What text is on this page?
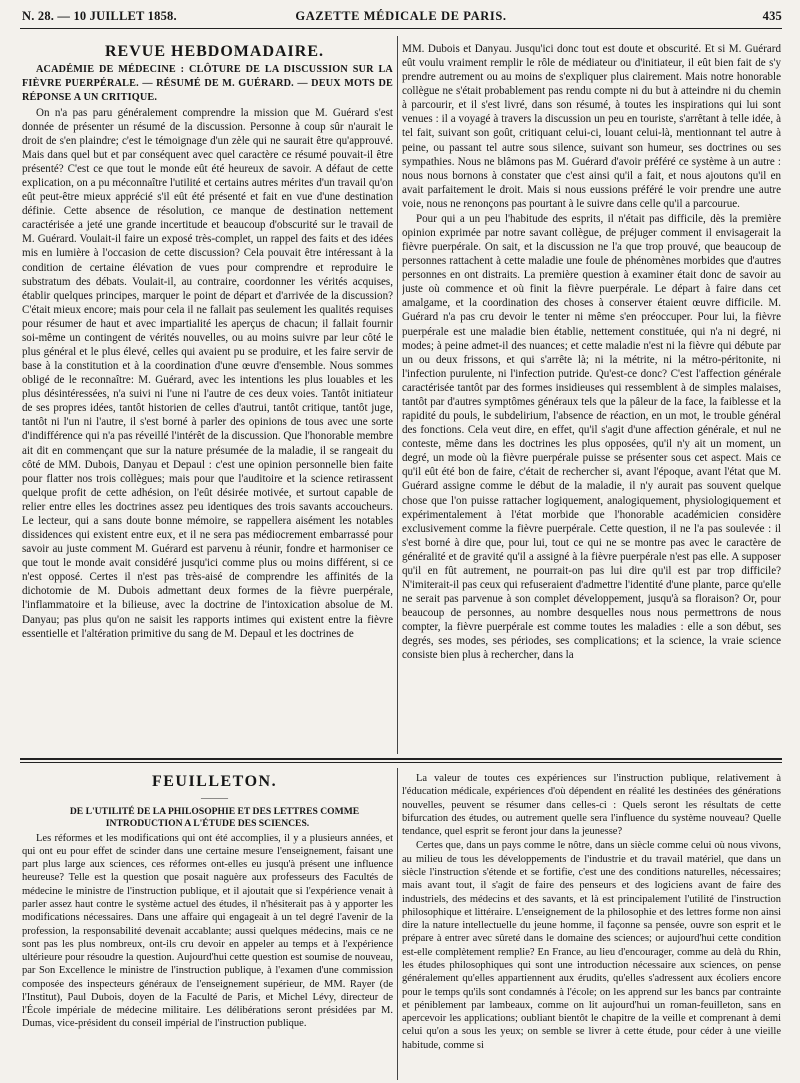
N. 28. — 10 JUILLET 1858.	GAZETTE MÉDICALE DE PARIS.	435

REVUE HEBDOMADAIRE.

ACADÉMIE DE MÉDECINE : CLÔTURE DE LA DISCUSSION SUR LA FIÈVRE PUERPÉRALE. — RÉSUMÉ DE M. GUÉRARD. — DEUX MOTS DE RÉPONSE A UN CRITIQUE.

On n'a pas paru généralement comprendre la mission que M. Guérard s'est donnée de présenter un résumé de la discussion. Personne à coup sûr n'aurait le droit de s'en plaindre; c'est le témoignage d'un zèle qui ne saurait être qu'approuvé. Mais dans quel but et par conséquent avec quel caractère ce résumé pouvait-il être présenté? C'est ce que tout le monde eût été heureux de savoir. A défaut de cette explication, on a pu méconnaître l'utilité et certains autres mérites d'un travail qu'on eût peut-être mieux apprécié s'il eût été présenté et fait en vue d'une destination définie. Cette absence de résolution, ce manque de destination nettement caractérisée a jeté une grande incertitude et beaucoup d'obscurité sur le travail de M. Guérard. Voulait-il faire un exposé très-complet, un rappel des faits et des idées mis en lumière à l'occasion de cette discussion? Cela pouvait être intéressant à la condition de certaine élévation de vues pour comprendre et reproduire le substratum des débats. Voulait-il, au contraire, coordonner les vérités acquises, établir quelques principes, marquer le point de départ et d'arrivée de la discussion? C'était mieux encore; mais pour cela il ne fallait pas seulement les qualités requises pour résumer de haut et avec impartialité les aperçus de chacun; il fallait fournir soi-même un contingent de vérités nouvelles, ou au moins suivre par leur côté le plus général et le plus élevé, celles qui avaient pu se produire, et les faire servir de base à la constitution et à la coordination d'une œuvre d'ensemble. Nous sommes obligé de le reconnaître: M. Guérard, avec les intentions les plus louables et les plus désintéressées, n'a suivi ni l'une ni l'autre de ces deux voies. Tantôt initiateur de ses propres idées, tantôt historien de celles d'autrui, tantôt critique, tantôt juge, tantôt ni l'un ni l'autre, il s'est borné à parler des opinions de tous avec une sorte d'indifférence qui n'a pas réveillé l'intérêt de la discussion. Que l'honorable membre ait dit en commençant que sur la nature présumée de la maladie, il se rangeait du côté de MM. Dubois, Danyau et Depaul : c'est une opinion personnelle bien faite pour flatter nos trois collègues; mais pour que l'auditoire et la science retirassent quelque profit de cette adhésion, on l'eût désirée motivée, et surtout capable de relier entre elles les doctrines assez peu identiques des trois savants accoucheurs. Le lecteur, qui a sans doute bonne mémoire, se rappellera aisément les notables dissidences qui existent entre eux, et il ne sera pas médiocrement embarrassé pour savoir au juste comment M. Guérard est parvenu à réunir, fondre et harmoniser ce que tout le monde avait considéré jusqu'ici comme plus ou moins différent, si ce n'est opposé. Certes il n'est pas très-aisé de comprendre les affinités de la dichotomie de M. Dubois admettant deux formes de la fièvre puerpérale, l'inflammatoire et la bilieuse, avec la doctrine de l'intoxication absolue de M. Danyau; pas plus qu'on ne saisit les rapports intimes qui existent entre la fièvre essentielle et l'altération primitive du sang de M. Depaul et les doctrines de

MM. Dubois et Danyau. Jusqu'ici donc tout est doute et obscurité. Et si M. Guérard eût voulu vraiment remplir le rôle de médiateur ou d'initiateur, il eût bien fait de s'y prendre autrement ou au moins de s'expliquer plus clairement. Mais notre honorable collègue ne s'était probablement pas rendu compte ni du but à atteindre ni du chemin à parcourir, et il s'est livré, dans son résumé, à toutes les inspirations qui lui sont venues : il a voyagé à travers la discussion un peu en touriste, s'arrêtant à telle idée, à tel fait, suivant son goût, critiquant celui-ci, louant celui-là, mentionnant tel autre à peine, ou passant tel autre sous silence, suivant son humeur, ses doctrines ou ses sympathies. Nous ne blâmons pas M. Guérard d'avoir préféré ce système à un autre : nous nous bornons à constater que c'est ainsi qu'il a fait, et nous ajoutons qu'il en avait parfaitement le droit. Mais si nous eussions préféré le voir prendre une autre voie, nous ne renonçons pas pourtant à le suivre dans celle qu'il a parcourue.

Pour qui a un peu l'habitude des esprits, il n'était pas difficile, dès la première opinion exprimée par notre savant collègue, de préjuger comment il envisagerait la fièvre puerpérale. On sait, et la discussion ne l'a que trop prouvé, que beaucoup de personnes rattachent à cette maladie une foule de phénomènes morbides que d'autres personnes en ont distraits. La première question à examiner était donc de savoir au juste où commence et où finit la fièvre puerpérale. Le départ à faire dans cet amalgame, et la coordination des choses à conserver étaient œuvre difficile. M. Guérard n'a pas cru devoir le tenter ni même s'en préoccuper. Pour lui, la fièvre puerpérale est une maladie bien établie, nettement constituée, qui n'a ni degré, ni modes; à peine admet-il des nuances; et cette maladie n'est ni la fièvre qui débute par un ou deux frissons, et qui s'arrête là; ni la métrite, ni la métro-péritonite, ni l'infection purulente, ni l'infection putride. Qu'est-ce donc? C'est l'affection générale caractérisée tantôt par des formes insidieuses qui ressemblent à de simples malaises, tantôt par d'autres symptômes généraux tels que la pâleur de la face, la faiblesse et la rapidité du pouls, le subdelirium, l'absence de réaction, en un mot, le trouble général des fonctions. Cela veut dire, en effet, qu'il s'agit d'une affection générale, et nul ne conteste, même dans les doctrines les plus opposées, qu'il n'y ait un moment, un degré, un mode où la fièvre puerpérale puisse se présenter sous cet aspect. Mais ce qu'il eût été bon de faire, c'était de rechercher si, avant l'époque, avant l'état que M. Guérard assigne comme le début de la maladie, il n'y aurait pas souvent quelque chose que l'on puisse rattacher logiquement, analogiquement, physiologiquement et expérimentalement à l'état morbide que l'honorable académicien considère exclusivement comme la fièvre puerpérale. Cette question, il ne l'a pas soulevée : il s'est borné à dire que, pour lui, tout ce qui ne se montre pas avec le caractère de généralité et de gravité qu'il a assigné à la fièvre puerpérale n'est pas elle. A supposer qu'il en fût autrement, ne pourrait-on pas lui dire qu'il est par trop difficile? N'imiterait-il pas ceux qui refuseraient d'admettre l'identité d'une plante, parce qu'elle ne serait pas parvenue à son complet développement, jusqu'à sa floraison? Or, pour beaucoup de personnes, au nombre desquelles nous nous permettrons de nous compter, la fièvre puerpérale est comme toutes les maladies : elle a son début, ses degrés, ses modes, ses périodes, ses complications; et la science, la vraie science consiste bien plus à rechercher, dans la

FEUILLETON.

———

DE L'UTILITÉ DE LA PHILOSOPHIE ET DES LETTRES COMME INTRODUCTION A L'ÉTUDE DES SCIENCES.

Les réformes et les modifications qui ont été accomplies, il y a plusieurs années, et qui ont eu pour effet de scinder dans une certaine mesure l'enseignement, faisant une part plus large aux sciences, ces réformes ont-elles eu jusqu'à présent une influence heureuse? Telle est la question que posait naguère aux professeurs des Facultés de médecine le ministre de l'instruction publique, et il ajoutait que si l'expérience venait à parler assez haut contre le système actuel des études, il n'hésiterait pas à y apporter les modifications nécessaires. Dans une affaire qui engageait à un tel degré l'avenir de la profession, la responsabilité devenait accablante; aussi quelques médecins, mais ce ne sont pas les plus nombreux, ont-ils cru devoir en appeler au temps et à l'expérience ultérieure pour résoudre la question. Aujourd'hui cette question est soumise de nouveau, par Son Excellence le ministre de l'instruction publique, à l'examen d'une commission composée des inspecteurs généraux de l'enseignement supérieur, de MM. Rayer (de l'Institut), Paul Dubois, doyen de la Faculté de Paris, et Michel Lévy, directeur de l'École impériale de médecine militaire. Les délibérations seront présidées par M. Dumas, vice-président du conseil impérial de l'instruction publique.

La valeur de toutes ces expériences sur l'instruction publique, relativement à l'éducation médicale, expériences d'où dépendent en réalité les destinées des générations nouvelles, peuvent se résumer dans celles-ci : Quels seront les résultats de cette bifurcation des études, ou autrement quelle sera l'influence du système nouveau? Quelle tendance, quel esprit se feront jour dans la jeunesse?

Certes que, dans un pays comme le nôtre, dans un siècle comme celui où nous vivons, au milieu de tous les développements de l'industrie et du travail matériel, que dans un siècle l'instruction s'étende et se fortifie, c'est une des conditions naturelles, nécessaires; mais avant tout, il s'agit de faire des penseurs et des logiciens avant de faire des industriels, des médecins et des savants, et là est principalement l'utilité de l'instruction philosophique et littéraire. L'enseignement de la philosophie et des lettres forme non ainsi dire la nature intellectuelle du jeune homme, il façonne sa pensée, ouvre son esprit et le prépare à entrer avec sûreté dans le domaine des sciences; or aujourd'hui cette condition est-elle complètement remplie? En France, au lieu d'encourager, comme au delà du Rhin, les études philosophiques qui sont une introduction nécessaire aux sciences, on pense généralement qu'elles appartiennent aux érudits, qu'elles s'adressent aux écoliers encore pour le temps qu'ils sont condamnés à l'école; on les apprend sur les bancs par contrainte et péniblement par lambeaux, comme on lit aujourd'hui un roman-feuilleton, sans en apercevoir les applications; oubliant bientôt le chapitre de la veille et comprenant à demi celui qu'on a sous les yeux; on semble se livrer à cette étude, pour céder à une vieille habitude, comme si
